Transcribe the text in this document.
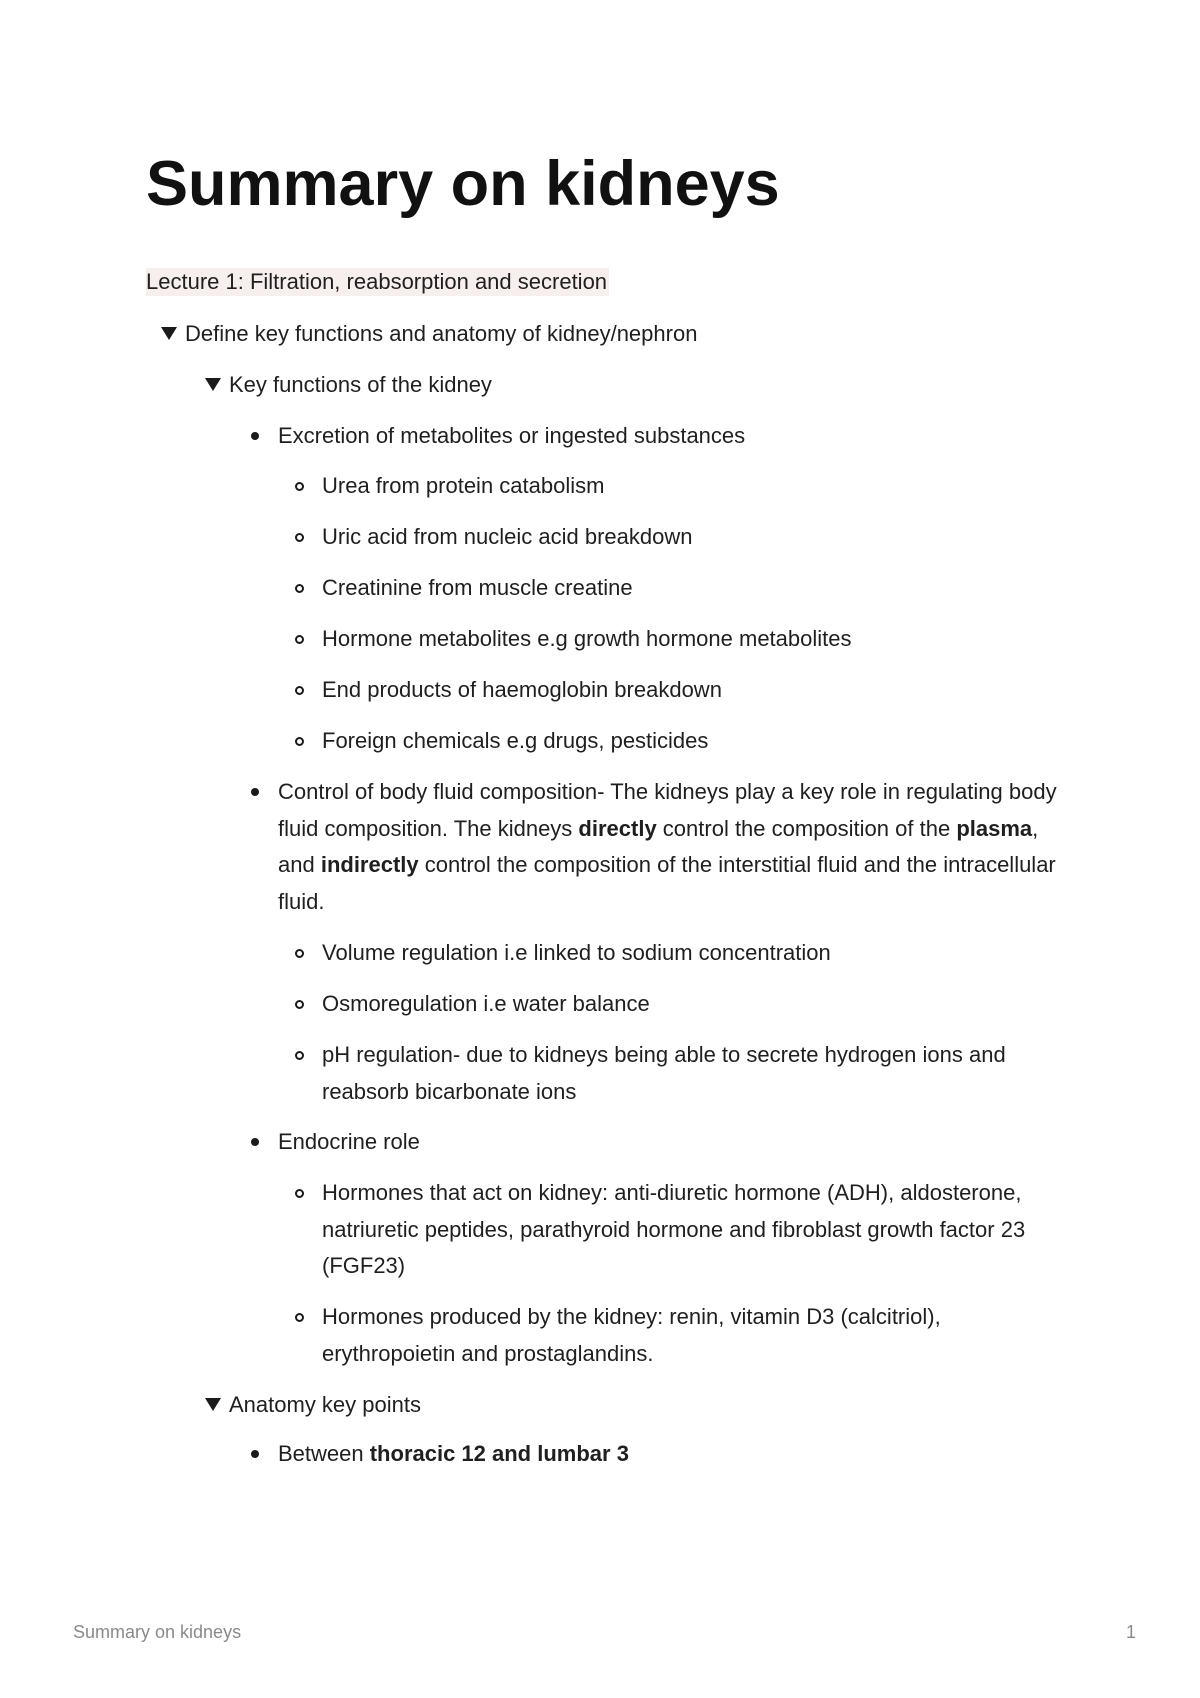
Summary on kidneys
Lecture 1: Filtration, reabsorption and secretion
Define key functions and anatomy of kidney/nephron
Key functions of the kidney
Excretion of metabolites or ingested substances
Urea from protein catabolism
Uric acid from nucleic acid breakdown
Creatinine from muscle creatine
Hormone metabolites e.g growth hormone metabolites
End products of haemoglobin breakdown
Foreign chemicals e.g drugs, pesticides
Control of body fluid composition- The kidneys play a key role in regulating body fluid composition. The kidneys directly control the composition of the plasma, and indirectly control the composition of the interstitial fluid and the intracellular fluid.
Volume regulation i.e linked to sodium concentration
Osmoregulation i.e water balance
pH regulation- due to kidneys being able to secrete hydrogen ions and reabsorb bicarbonate ions
Endocrine role
Hormones that act on kidney: anti-diuretic hormone (ADH), aldosterone, natriuretic peptides, parathyroid hormone and fibroblast growth factor 23 (FGF23)
Hormones produced by the kidney: renin, vitamin D3 (calcitriol), erythropoietin and prostaglandins.
Anatomy key points
Between thoracic 12 and lumbar 3
Summary on kidneys	1
